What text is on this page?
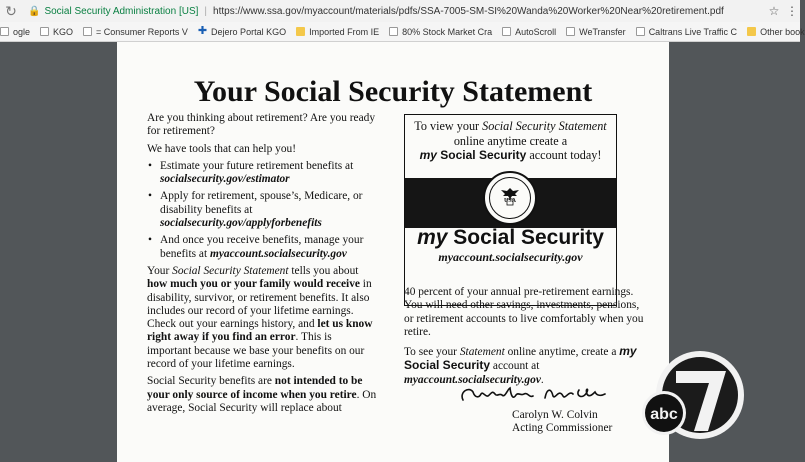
↻	🔒 Social Security Administration [US] | https://www.ssa.gov/myaccount/materials/pdfs/SSA-7005-SM-SI%20Wanda%20Worker%20Near%20retirement.pdf	☆ ⋮
ogle	KGO	= Consumer Reports V ✚ Dejero Portal KGO	Imported From IE	80% Stock Market Cra	AutoScroll	WeTransfer	Caltrans Live Traffic C	Other book
Your Social Security Statement

Are you thinking about retirement? Are you ready for retirement?

We have tools that can help you!

• Estimate your future retirement benefits at socialsecurity.gov/estimator
• Apply for retirement, spouse’s, Medicare, or disability benefits at socialsecurity.gov/applyforbenefits
• And once you receive benefits, manage your benefits at myaccount.socialsecurity.gov

Your Social Security Statement tells you about how much you or your family would receive in disability, survivor, or retirement benefits. It also includes our record of your lifetime earnings. Check out your earnings history, and let us know right away if you find an error. This is important because we base your benefits on our record of your lifetime earnings.

Social Security benefits are not intended to be your only source of income when you retire. On average, Social Security will replace about

To view your Social Security Statement online anytime create a
my Social Security account today!
USA
my Social Security
myaccount.socialsecurity.gov

40 percent of your annual pre-retirement earnings. You will need other savings, investments, pensions, or retirement accounts to live comfortably when you retire.

To see your Statement online anytime, create a my Social Security account at myaccount.socialsecurity.gov.

Carolyn W. Colvin
Acting Commissioner
abc
